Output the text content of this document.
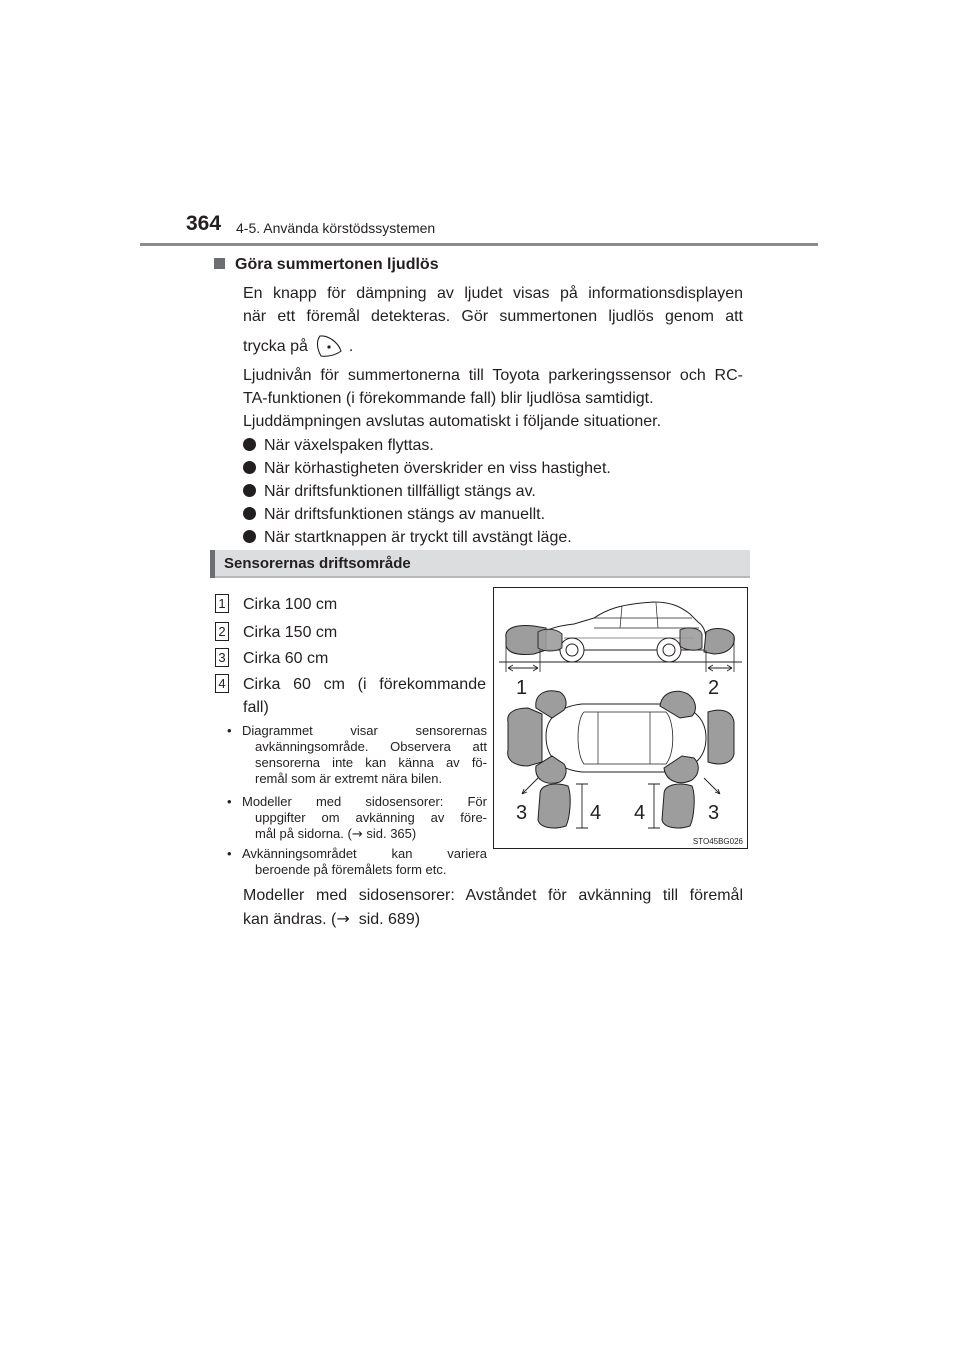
364 4-5. Använda körstödssystemen
Göra summertonen ljudlös
En knapp för dämpning av ljudet visas på informationsdisplayen
när ett föremål detekteras. Gör summertonen ljudlös genom att
trycka på	.
Ljudnivån för summertonerna till Toyota parkeringssensor och RC-
TA-funktionen (i förekommande fall) blir ljudlösa samtidigt.
Ljuddämpningen avslutas automatiskt i följande situationer.
När växelspaken flyttas.
När körhastigheten överskrider en viss hastighet.
När driftsfunktionen tillfälligt stängs av.
När driftsfunktionen stängs av manuellt.
När startknappen är tryckt till avstängt läge.
Sensorernas driftsområde
1 Cirka 100 cm
2 Cirka 150 cm
3 Cirka 60 cm
4 Cirka 60 cm (i förekommande
fall)
• Diagrammet visar sensorernas
avkänningsområde. Observera att
sensorerna inte kan känna av fö-
remål som är extremt nära bilen.
• Modeller med sidosensorer: För
uppgifter om avkänning av före-
mål på sidorna. (→ sid. 365)
• Avkänningsområdet kan variera
beroende på föremålets form etc.
1	2
3	4 4	3
STO45BG026
Modeller med sidosensorer: Avståndet för avkänning till föremål
kan ändras. (→  sid. 689)
